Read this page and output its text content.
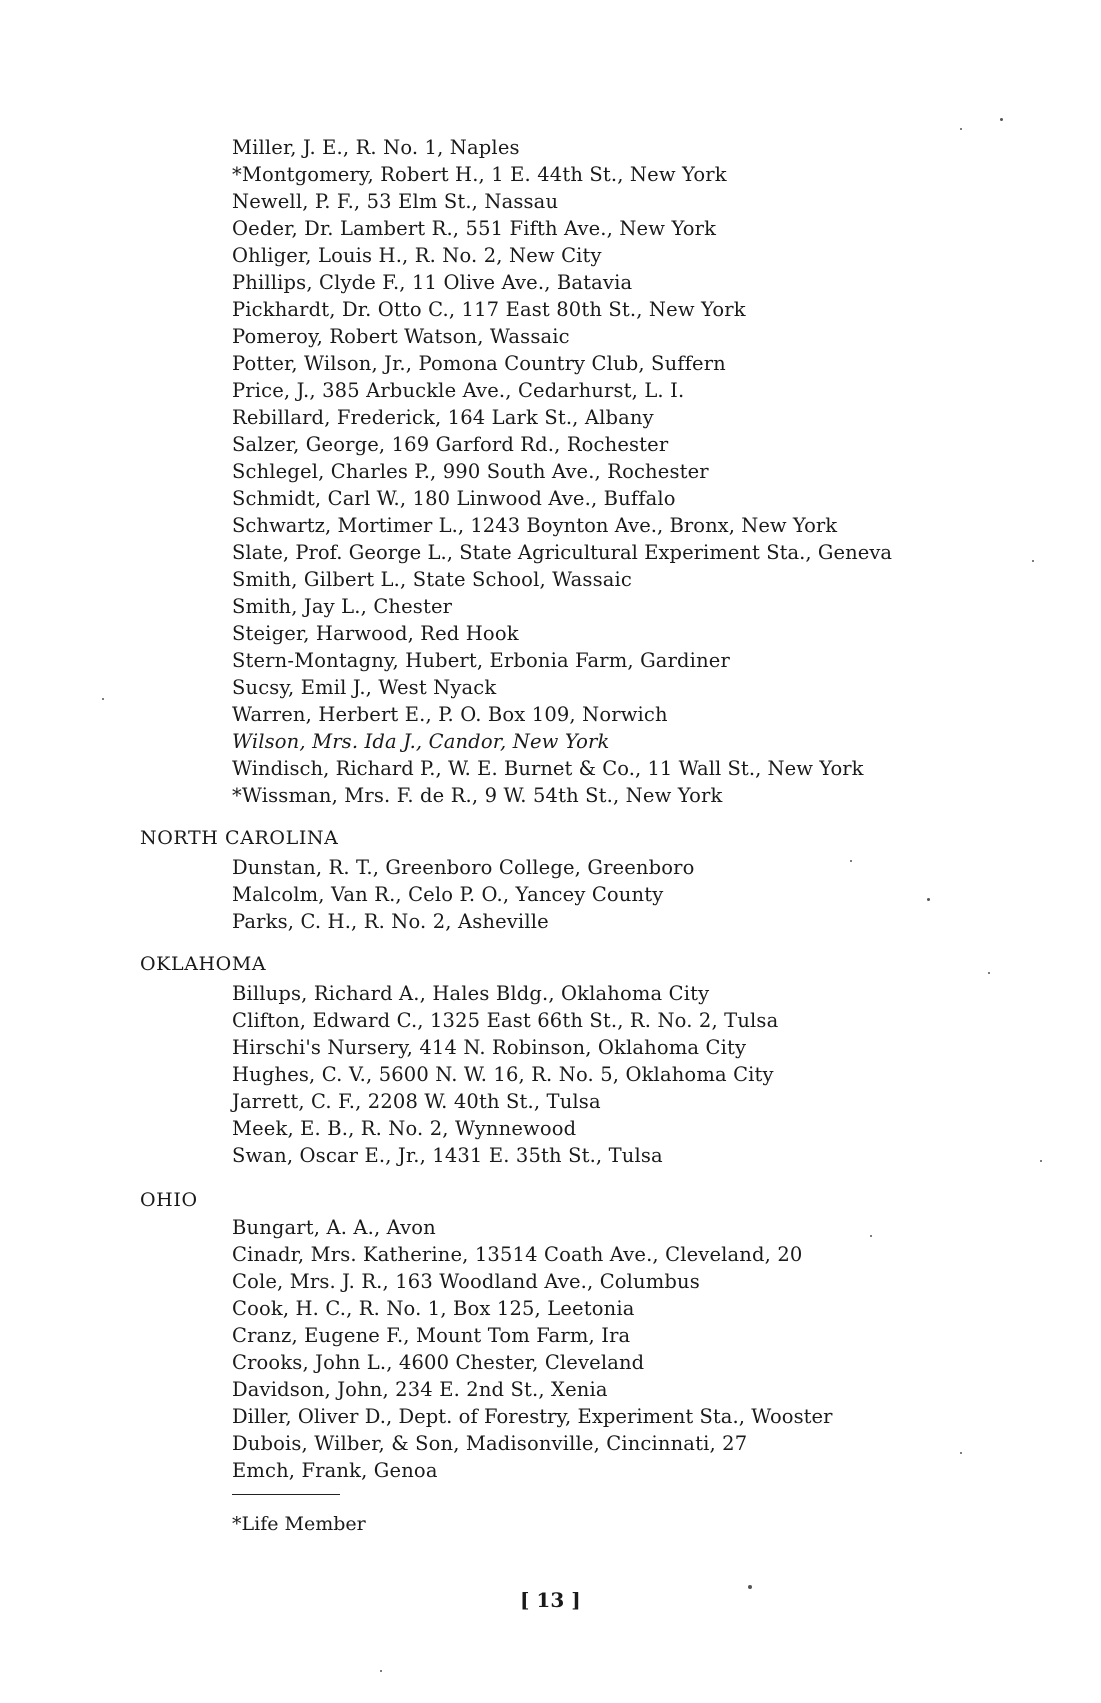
Miller, J. E., R. No. 1, Naples
*Montgomery, Robert H., 1 E. 44th St., New York
Newell, P. F., 53 Elm St., Nassau
Oeder, Dr. Lambert R., 551 Fifth Ave., New York
Ohliger, Louis H., R. No. 2, New City
Phillips, Clyde F., 11 Olive Ave., Batavia
Pickhardt, Dr. Otto C., 117 East 80th St., New York
Pomeroy, Robert Watson, Wassaic
Potter, Wilson, Jr., Pomona Country Club, Suffern
Price, J., 385 Arbuckle Ave., Cedarhurst, L. I.
Rebillard, Frederick, 164 Lark St., Albany
Salzer, George, 169 Garford Rd., Rochester
Schlegel, Charles P., 990 South Ave., Rochester
Schmidt, Carl W., 180 Linwood Ave., Buffalo
Schwartz, Mortimer L., 1243 Boynton Ave., Bronx, New York
Slate, Prof. George L., State Agricultural Experiment Sta., Geneva
Smith, Gilbert L., State School, Wassaic
Smith, Jay L., Chester
Steiger, Harwood, Red Hook
Stern-Montagny, Hubert, Erbonia Farm, Gardiner
Sucsy, Emil J., West Nyack
Warren, Herbert E., P. O. Box 109, Norwich
Wilson, Mrs. Ida J., Candor, New York
Windisch, Richard P., W. E. Burnet & Co., 11 Wall St., New York
*Wissman, Mrs. F. de R., 9 W. 54th St., New York
NORTH CAROLINA
Dunstan, R. T., Greenboro College, Greenboro
Malcolm, Van R., Celo P. O., Yancey County
Parks, C. H., R. No. 2, Asheville
OKLAHOMA
Billups, Richard A., Hales Bldg., Oklahoma City
Clifton, Edward C., 1325 East 66th St., R. No. 2, Tulsa
Hirschi's Nursery, 414 N. Robinson, Oklahoma City
Hughes, C. V., 5600 N. W. 16, R. No. 5, Oklahoma City
Jarrett, C. F., 2208 W. 40th St., Tulsa
Meek, E. B., R. No. 2, Wynnewood
Swan, Oscar E., Jr., 1431 E. 35th St., Tulsa
OHIO
Bungart, A. A., Avon
Cinadr, Mrs. Katherine, 13514 Coath Ave., Cleveland, 20
Cole, Mrs. J. R., 163 Woodland Ave., Columbus
Cook, H. C., R. No. 1, Box 125, Leetonia
Cranz, Eugene F., Mount Tom Farm, Ira
Crooks, John L., 4600 Chester, Cleveland
Davidson, John, 234 E. 2nd St., Xenia
Diller, Oliver D., Dept. of Forestry, Experiment Sta., Wooster
Dubois, Wilber, & Son, Madisonville, Cincinnati, 27
Emch, Frank, Genoa
*Life Member
[ 13 ]
